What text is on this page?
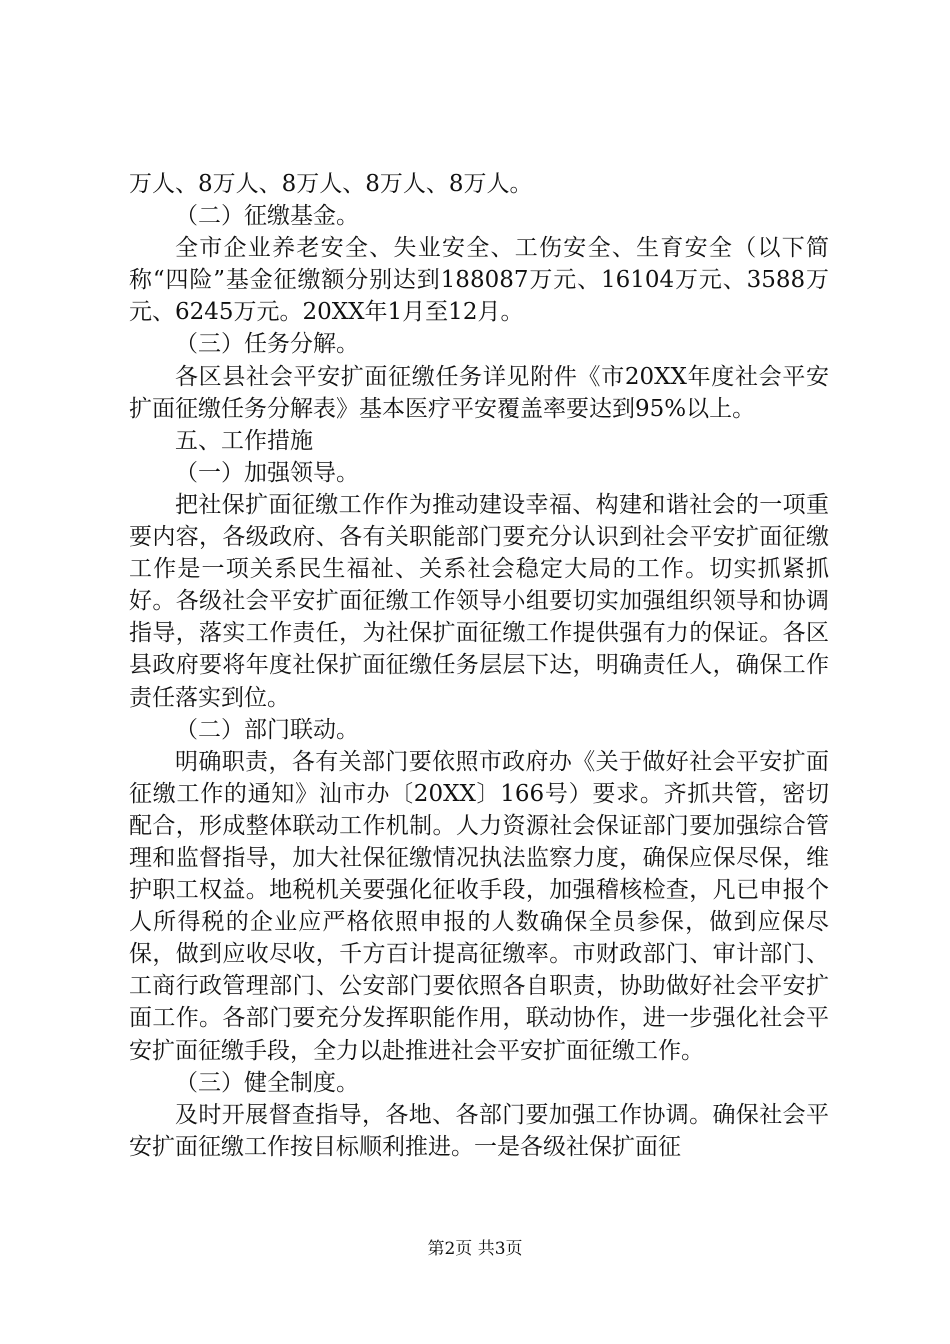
万人、8万人、8万人、8万人、8万人。

（二）征缴基金。

全市企业养老安全、失业安全、工伤安全、生育安全（以下简称“四险”基金征缴额分别达到188087万元、16104万元、3588万元、6245万元。20XX年1月至12月。

（三）任务分解。

各区县社会平安扩面征缴任务详见附件《市20XX年度社会平安扩面征缴任务分解表》基本医疗平安覆盖率要达到95%以上。

五、工作措施

（一）加强领导。

把社保扩面征缴工作作为推动建设幸福、构建和谐社会的一项重要内容，各级政府、各有关职能部门要充分认识到社会平安扩面征缴工作是一项关系民生福祉、关系社会稳定大局的工作。切实抓紧抓好。各级社会平安扩面征缴工作领导小组要切实加强组织领导和协调指导，落实工作责任，为社保扩面征缴工作提供强有力的保证。各区县政府要将年度社保扩面征缴任务层层下达，明确责任人，确保工作责任落实到位。

（二）部门联动。

明确职责，各有关部门要依照市政府办《关于做好社会平安扩面征缴工作的通知》汕市办〔20XX〕166号）要求。齐抓共管，密切配合，形成整体联动工作机制。人力资源社会保证部门要加强综合管理和监督指导，加大社保征缴情况执法监察力度，确保应保尽保，维护职工权益。地税机关要强化征收手段，加强稽核检查，凡已申报个人所得税的企业应严格依照申报的人数确保全员参保，做到应保尽保，做到应收尽收，千方百计提高征缴率。市财政部门、审计部门、工商行政管理部门、公安部门要依照各自职责，协助做好社会平安扩面工作。各部门要充分发挥职能作用，联动协作，进一步强化社会平安扩面征缴手段，全力以赴推进社会平安扩面征缴工作。

（三）健全制度。

及时开展督查指导，各地、各部门要加强工作协调。确保社会平安扩面征缴工作按目标顺利推进。一是各级社保扩面征

第2页 共3页
